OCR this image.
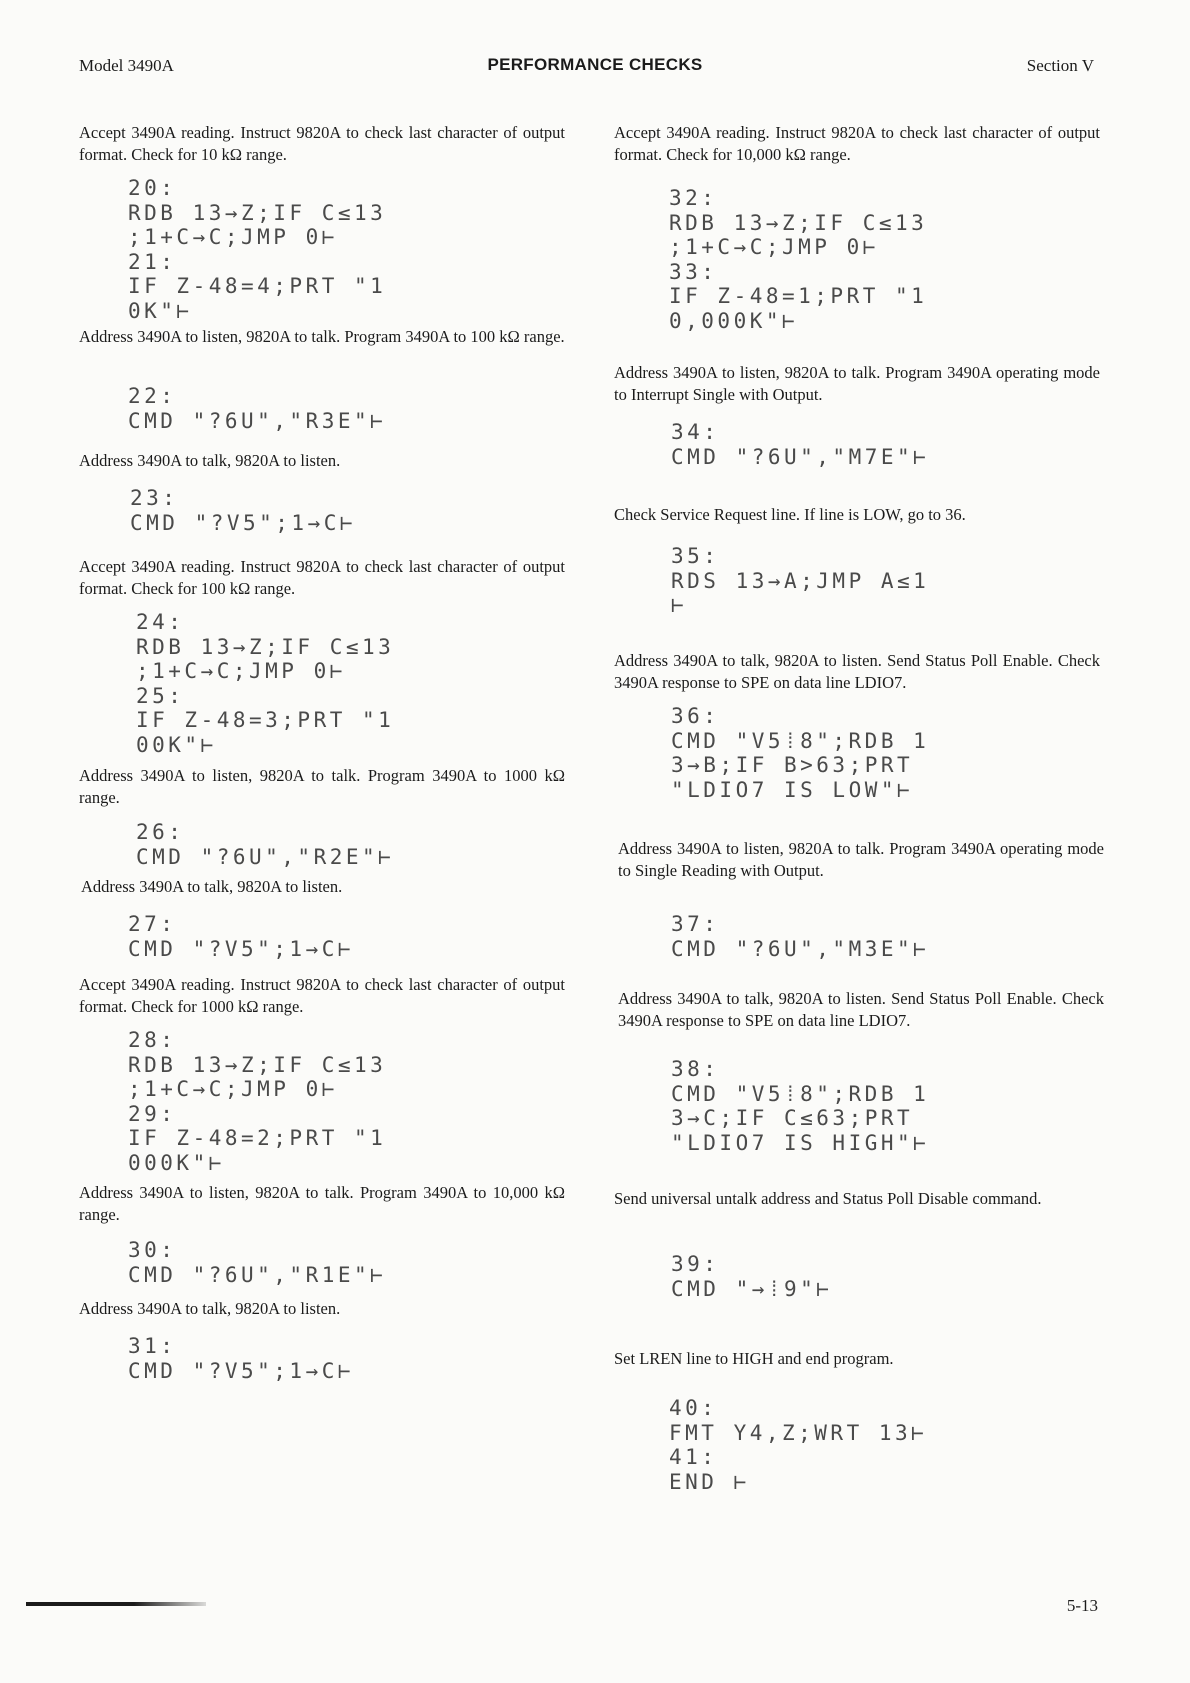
Model 3490A	PERFORMANCE CHECKS	Section V

Accept 3490A reading. Instruct 9820A to check last character of output format. Check for 10 kΩ range.

20:
RDB 13→Z;IF C≤13
;1+C→C;JMP 0⊢
21:
IF Z-48=4;PRT "1
0K"⊢

Address 3490A to listen, 9820A to talk. Program 3490A to 100 kΩ range.

22:
CMD "?6U","R3E"⊢

Address 3490A to talk, 9820A to listen.

23:
CMD "?V5";1→C⊢

Accept 3490A reading. Instruct 9820A to check last character of output format. Check for 100 kΩ range.

24:
RDB 13→Z;IF C≤13
;1+C→C;JMP 0⊢
25:
IF Z-48=3;PRT "1
00K"⊢

Address 3490A to listen, 9820A to talk. Program 3490A to 1000 kΩ range.

26:
CMD "?6U","R2E"⊢

Address 3490A to talk, 9820A to listen.

27:
CMD "?V5";1→C⊢

Accept 3490A reading. Instruct 9820A to check last character of output format. Check for 1000 kΩ range.

28:
RDB 13→Z;IF C≤13
;1+C→C;JMP 0⊢
29:
IF Z-48=2;PRT "1
000K"⊢

Address 3490A to listen, 9820A to talk. Program 3490A to 10,000 kΩ range.

30:
CMD "?6U","R1E"⊢

Address 3490A to talk, 9820A to listen.

31:
CMD "?V5";1→C⊢

Accept 3490A reading. Instruct 9820A to check last character of output format. Check for 10,000 kΩ range.

32:
RDB 13→Z;IF C≤13
;1+C→C;JMP 0⊢
33:
IF Z-48=1;PRT "1
0,000K"⊢

Address 3490A to listen, 9820A to talk. Program 3490A operating mode to Interrupt Single with Output.

34:
CMD "?6U","M7E"⊢

Check Service Request line. If line is LOW, go to 36.

35:
RDS 13→A;JMP A≤1
⊢

Address 3490A to talk, 9820A to listen. Send Status Poll Enable. Check 3490A response to SPE on data line LDIO7.

36:
CMD "V5⁞8";RDB 1
3→B;IF B>63;PRT
"LDIO7 IS LOW"⊢

Address 3490A to listen, 9820A to talk. Program 3490A operating mode to Single Reading with Output.

37:
CMD "?6U","M3E"⊢

Address 3490A to talk, 9820A to listen. Send Status Poll Enable. Check 3490A response to SPE on data line LDIO7.

38:
CMD "V5⁞8";RDB 1
3→C;IF C≤63;PRT
"LDIO7 IS HIGH"⊢

Send universal untalk address and Status Poll Disable command.

39:
CMD "→⁞9"⊢

Set LREN line to HIGH and end program.

40:
FMT Y4,Z;WRT 13⊢
41:
END ⊢
5-13
